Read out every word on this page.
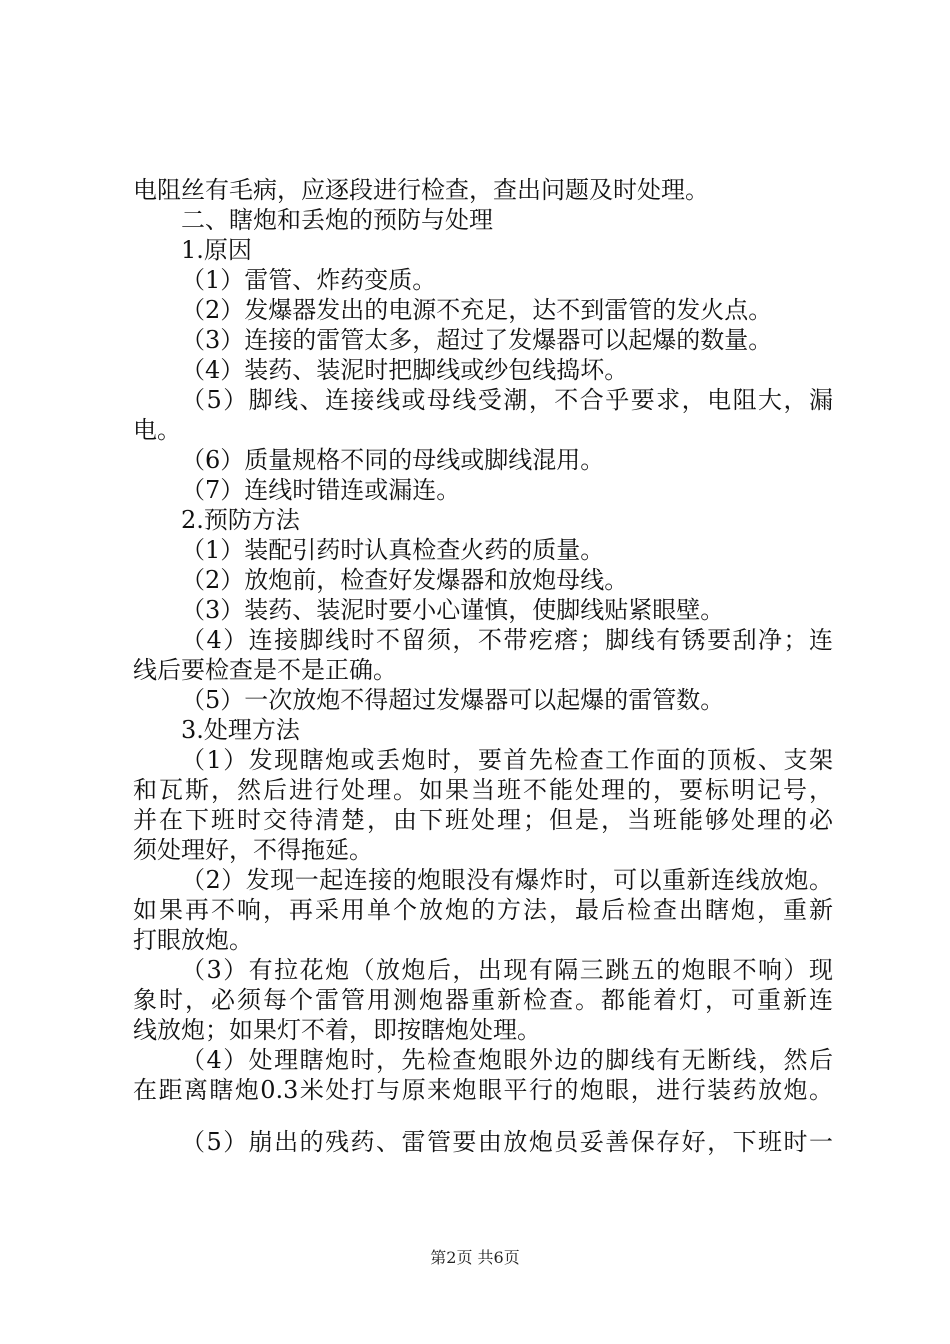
电阻丝有毛病，应逐段进行检查，查出问题及时处理。
二、瞎炮和丢炮的预防与处理
1.原因
（1）雷管、炸药变质。
（2）发爆器发出的电源不充足，达不到雷管的发火点。
（3）连接的雷管太多，超过了发爆器可以起爆的数量。
（4）装药、装泥时把脚线或纱包线捣坏。
（5）脚线、连接线或母线受潮，不合乎要求，电阻大，漏
电。
（6）质量规格不同的母线或脚线混用。
（7）连线时错连或漏连。
2.预防方法
（1）装配引药时认真检查火药的质量。
（2）放炮前，检查好发爆器和放炮母线。
（3）装药、装泥时要小心谨慎，使脚线贴紧眼壁。
（4）连接脚线时不留须，不带疙瘩；脚线有锈要刮净；连
线后要检查是不是正确。
（5）一次放炮不得超过发爆器可以起爆的雷管数。
3.处理方法
（1）发现瞎炮或丢炮时，要首先检查工作面的顶板、支架
和瓦斯，然后进行处理。如果当班不能处理的，要标明记号，
并在下班时交待清楚，由下班处理；但是，当班能够处理的必
须处理好，不得拖延。
（2）发现一起连接的炮眼没有爆炸时，可以重新连线放炮。
如果再不响，再采用单个放炮的方法，最后检查出瞎炮，重新
打眼放炮。
（3）有拉花炮（放炮后，出现有隔三跳五的炮眼不响）现
象时，必须每个雷管用测炮器重新检查。都能着灯，可重新连
线放炮；如果灯不着，即按瞎炮处理。
（4）处理瞎炮时，先检查炮眼外边的脚线有无断线，然后
在距离瞎炮0.3米处打与原来炮眼平行的炮眼，进行装药放炮。
（5）崩出的残药、雷管要由放炮员妥善保存好，下班时一
第2页 共6页
